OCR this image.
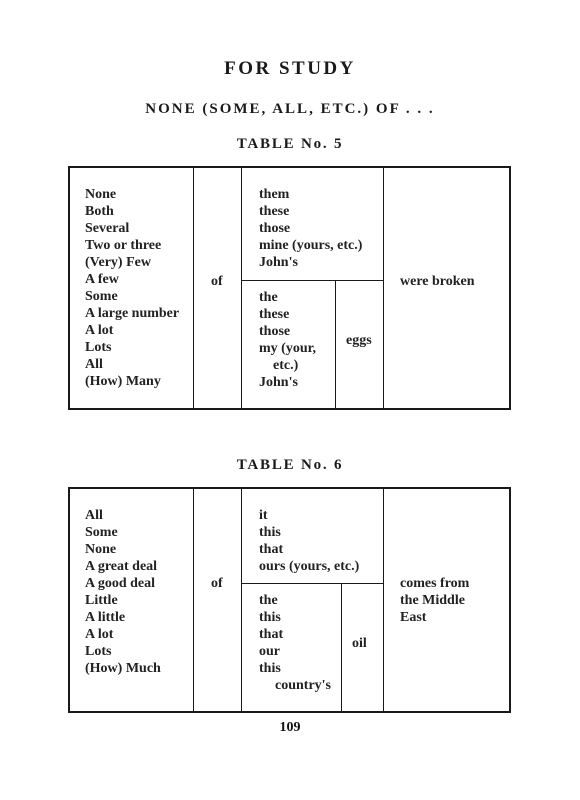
FOR STUDY
NONE (SOME, ALL, ETC.) OF . . .
TABLE No. 5
None
Both
Several
Two or three
(Very) Few
A few
Some
A large number
A lot
Lots
All
(How) Many
of
them
these
those
mine (yours, etc.)
John's
the
these
those
my (your,
etc.)
John's
eggs
were broken
TABLE No. 6
All
Some
None
A great deal
A good deal
Little
A little
A lot
Lots
(How) Much
of
it
this
that
ours (yours, etc.)
the
this
that
our
this
country's
oil
comes from
the Middle
East
109
